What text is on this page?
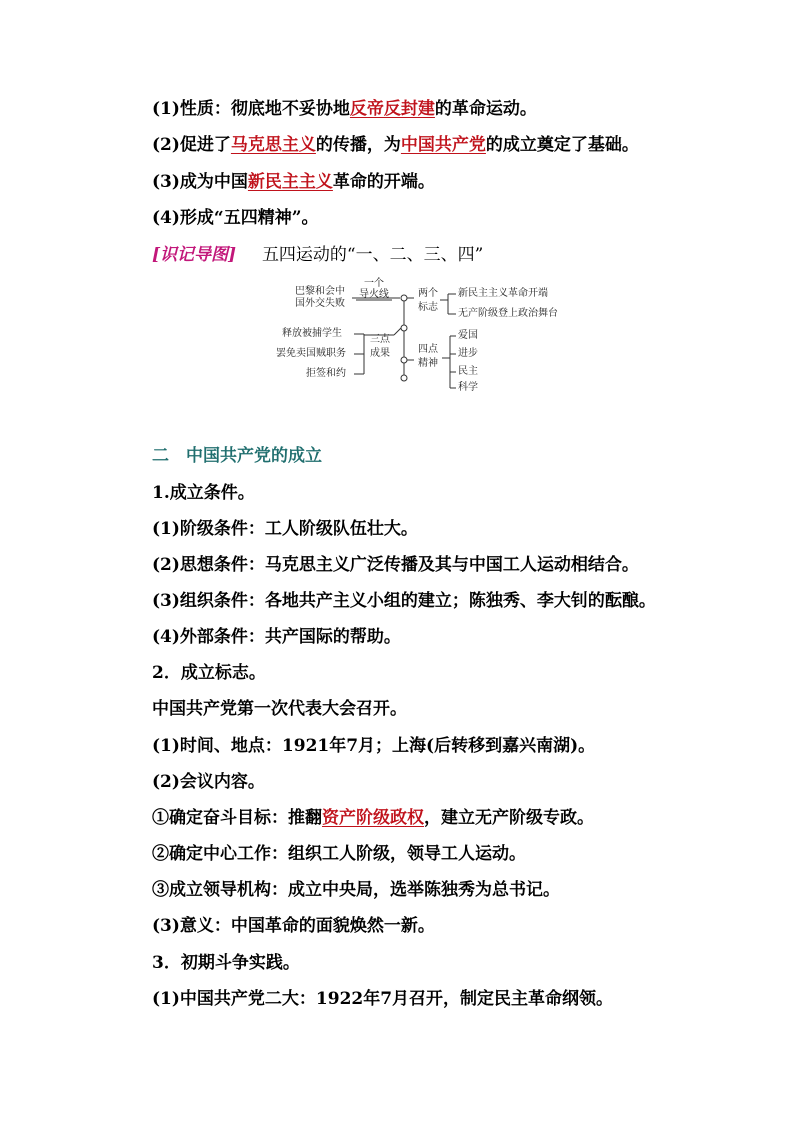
(1)性质：彻底地不妥协地反帝反封建的革命运动。
(2)促进了马克思主义的传播，为中国共产党的成立奠定了基础。
(3)成为中国新民主主义革命的开端。
(4)形成“五四精神”。
[识记导图] 五四运动的“一、二、三、四”
巴黎和会中
国外交失败
一个
导火线	两个
标志
新民主主义革命开端
无产阶级登上政治舞台
释放被捕学生
罢免卖国贼职务
拒签和约
三点
成果	四点
精神
爱国
进步
民主
科学
二　中国共产党的成立
1.成立条件。
(1)阶级条件：工人阶级队伍壮大。
(2)思想条件：马克思主义广泛传播及其与中国工人运动相结合。
(3)组织条件：各地共产主义小组的建立；陈独秀、李大钊的酝酿。
(4)外部条件：共产国际的帮助。
2．成立标志。
中国共产党第一次代表大会召开。
(1)时间、地点：1921年7月；上海(后转移到嘉兴南湖)。
(2)会议内容。
①确定奋斗目标：推翻资产阶级政权，建立无产阶级专政。
②确定中心工作：组织工人阶级，领导工人运动。
③成立领导机构：成立中央局，选举陈独秀为总书记。
(3)意义：中国革命的面貌焕然一新。
3．初期斗争实践。
(1)中国共产党二大：1922年7月召开，制定民主革命纲领。
